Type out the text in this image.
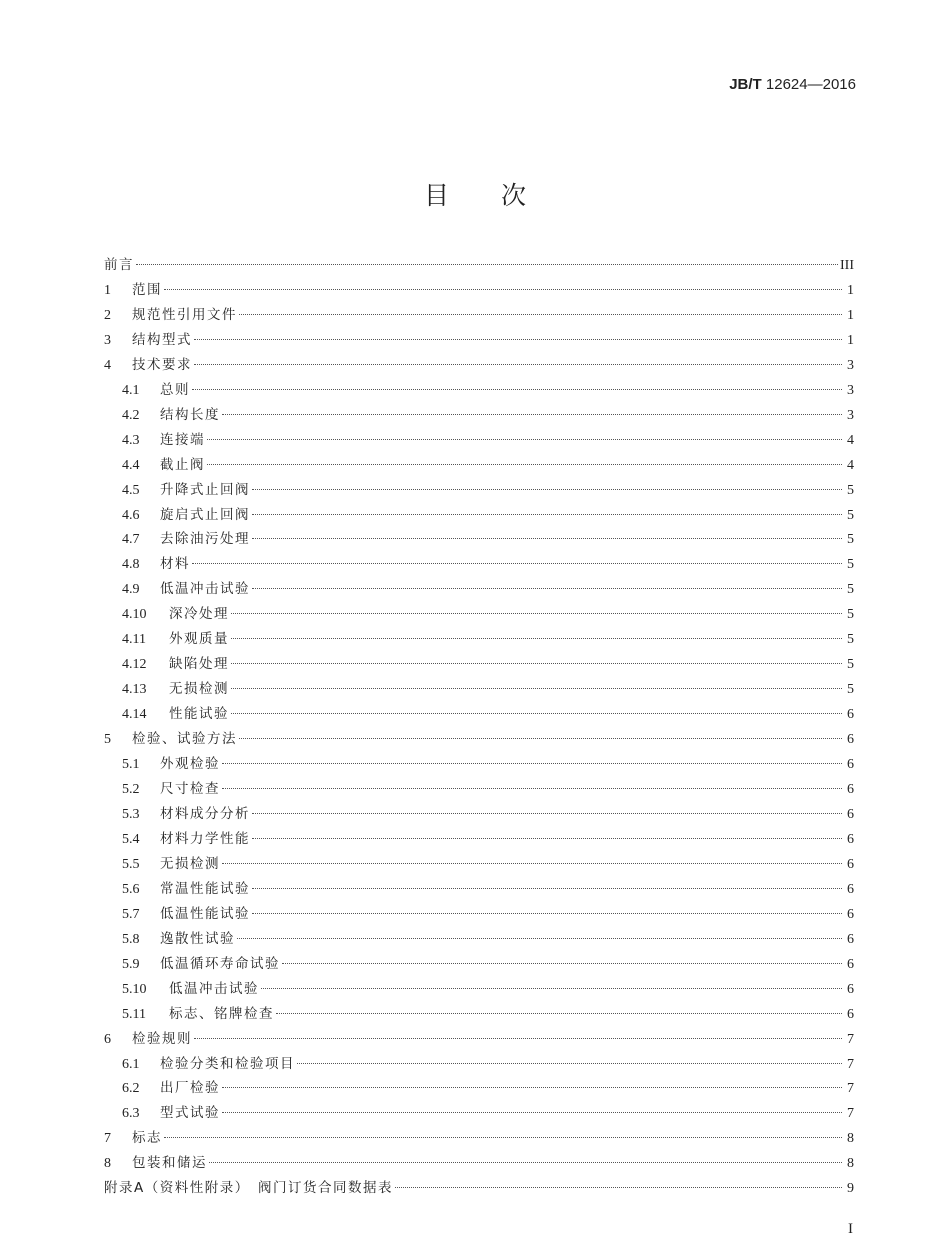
JB/T 12624—2016
目次
前言	III
1	范围	1
2	规范性引用文件	1
3	结构型式	1
4	技术要求	3
4.1	总则	3
4.2	结构长度	3
4.3	连接端	4
4.4	截止阀	4
4.5	升降式止回阀	5
4.6	旋启式止回阀	5
4.7	去除油污处理	5
4.8	材料	5
4.9	低温冲击试验	5
4.10	深冷处理	5
4.11	外观质量	5
4.12	缺陷处理	5
4.13	无损检测	5
4.14	性能试验	6
5	检验、试验方法	6
5.1	外观检验	6
5.2	尺寸检查	6
5.3	材料成分分析	6
5.4	材料力学性能	6
5.5	无损检测	6
5.6	常温性能试验	6
5.7	低温性能试验	6
5.8	逸散性试验	6
5.9	低温循环寿命试验	6
5.10	低温冲击试验	6
5.11	标志、铭牌检查	6
6	检验规则	7
6.1	检验分类和检验项目	7
6.2	出厂检验	7
6.3	型式试验	7
7	标志	8
8	包装和储运	8
附录A（资料性附录）　阀门订货合同数据表	9
I
